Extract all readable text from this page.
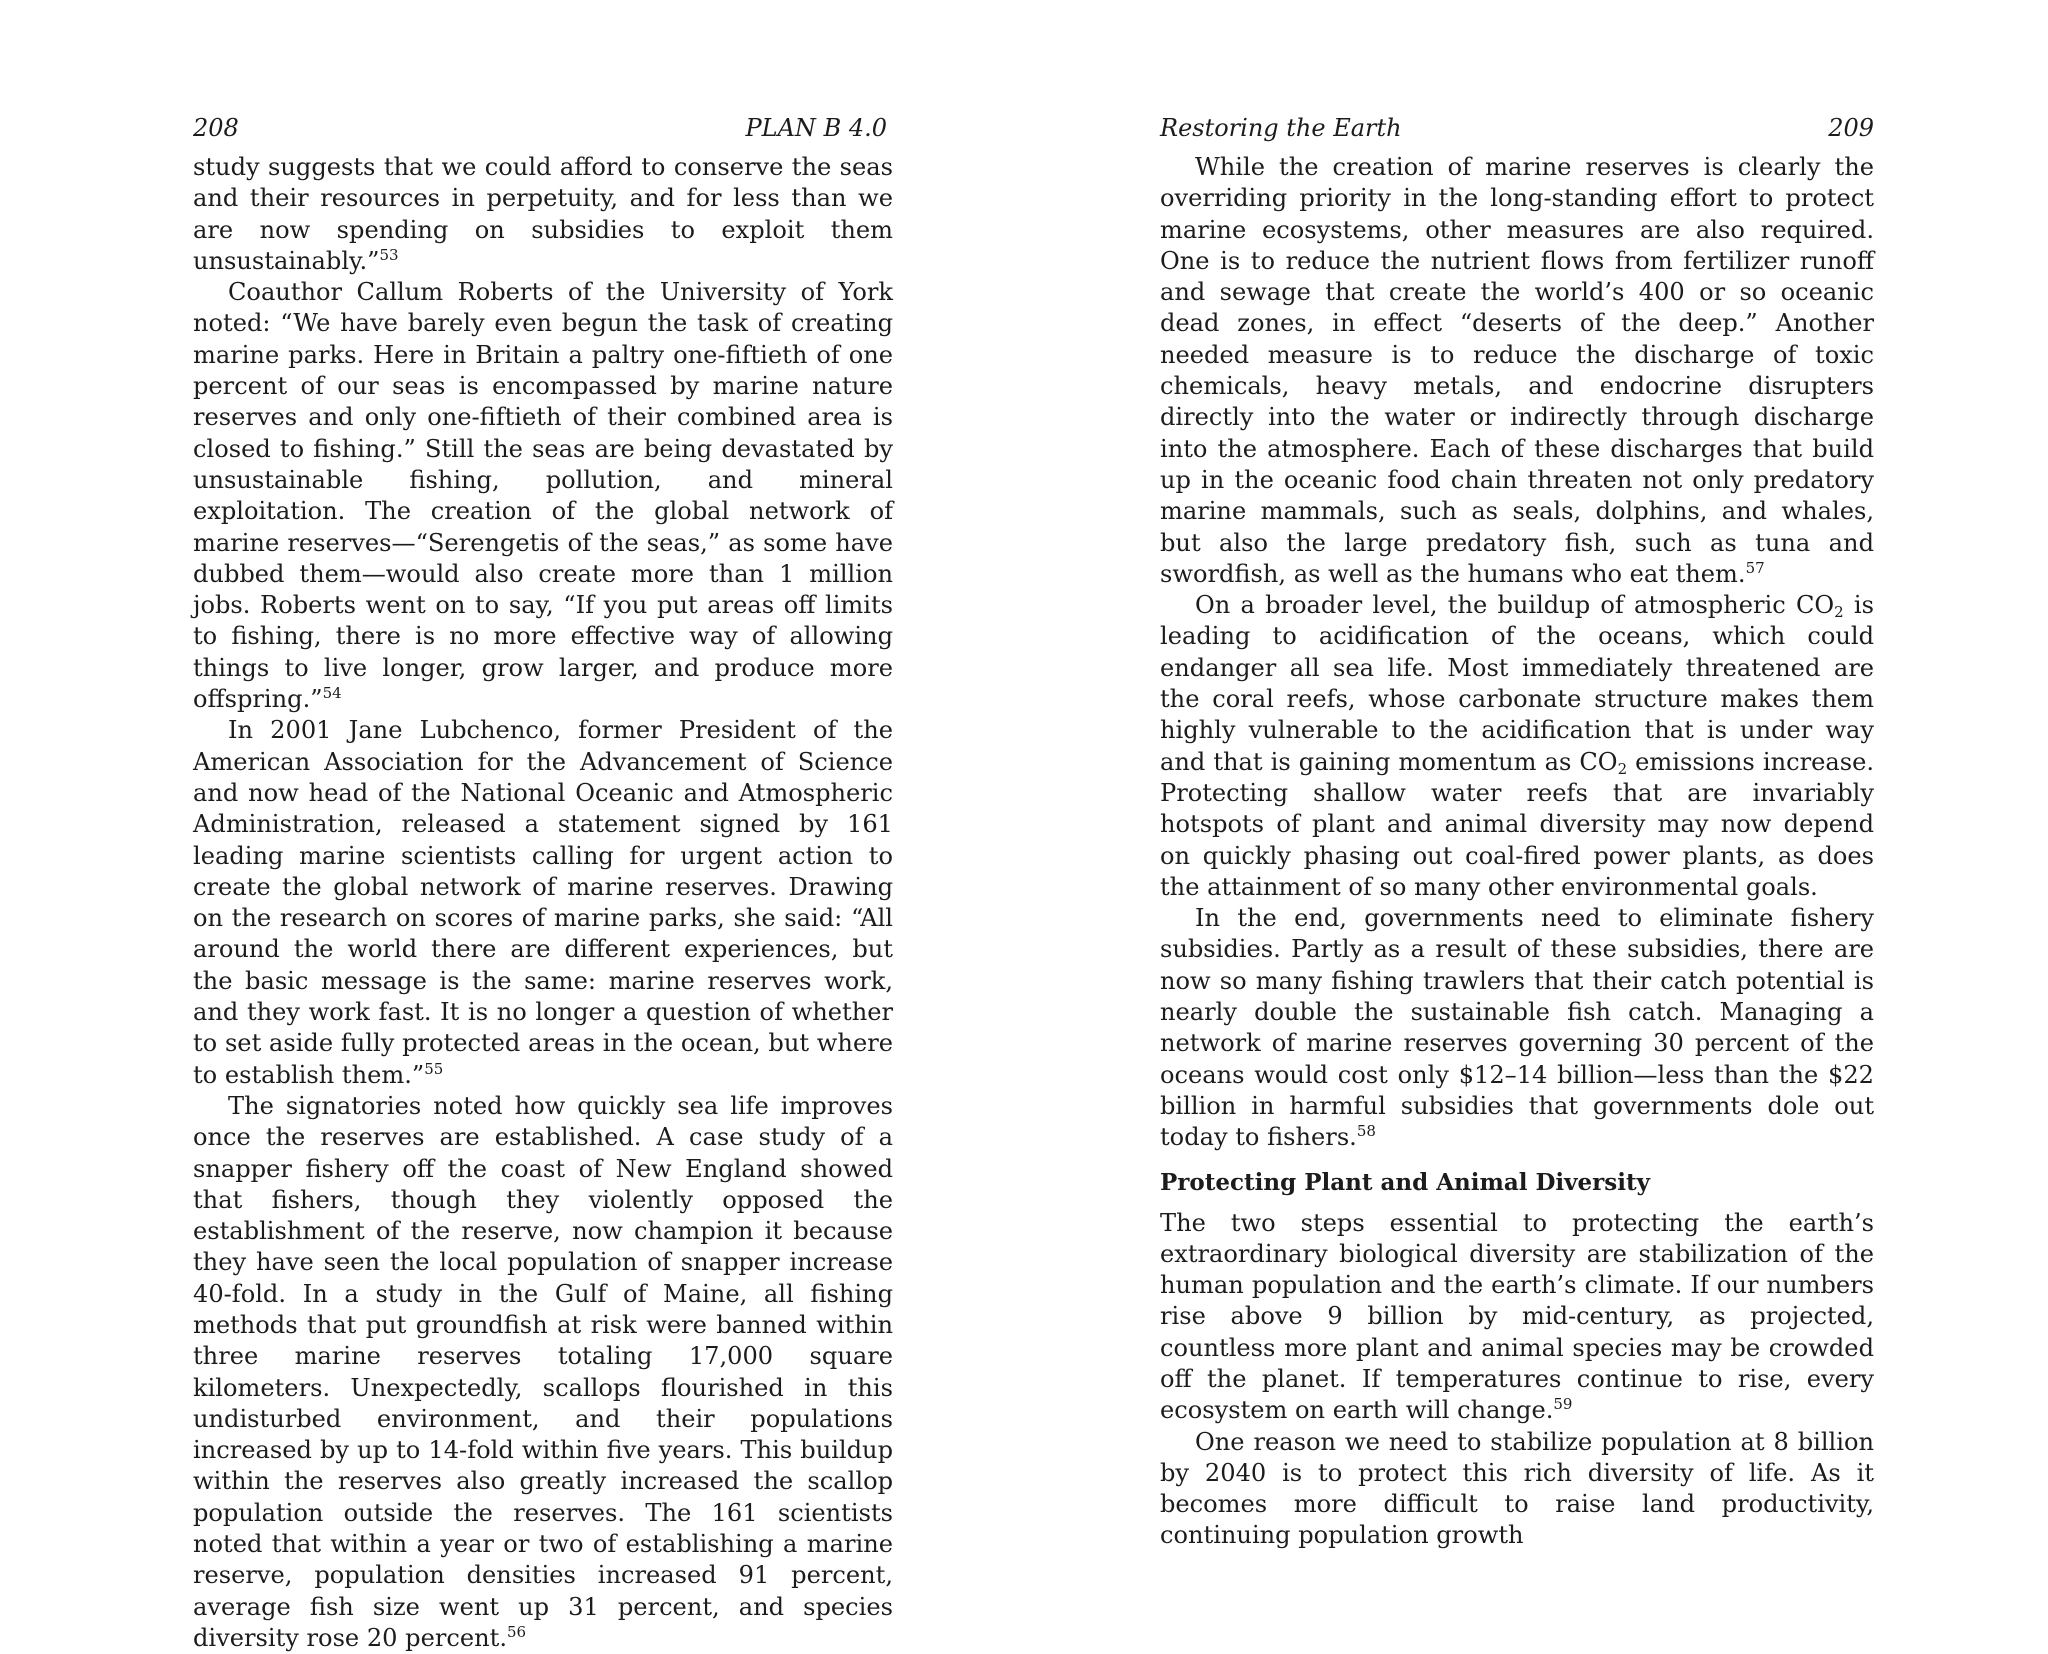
208	PLAN B 4.0

study suggests that we could afford to conserve the seas and their resources in perpetuity, and for less than we are now spending on subsidies to exploit them unsustainably.”$^{53}$

Coauthor Callum Roberts of the University of York noted: “We have barely even begun the task of creating marine parks. Here in Britain a paltry one-fiftieth of one percent of our seas is encompassed by marine nature reserves and only one-fiftieth of their combined area is closed to fishing.” Still the seas are being devastated by unsustainable fishing, pollution, and mineral exploitation. The creation of the global network of marine reserves—“Serengetis of the seas,” as some have dubbed them—would also create more than 1 million jobs. Roberts went on to say, “If you put areas off limits to fishing, there is no more effective way of allowing things to live longer, grow larger, and produce more offspring.”$^{54}$

In 2001 Jane Lubchenco, former President of the American Association for the Advancement of Science and now head of the National Oceanic and Atmospheric Administration, released a statement signed by 161 leading marine scientists calling for urgent action to create the global network of marine reserves. Drawing on the research on scores of marine parks, she said: “All around the world there are different experiences, but the basic message is the same: marine reserves work, and they work fast. It is no longer a question of whether to set aside fully protected areas in the ocean, but where to establish them.”$^{55}$

The signatories noted how quickly sea life improves once the reserves are established. A case study of a snapper fishery off the coast of New England showed that fishers, though they violently opposed the establishment of the reserve, now champion it because they have seen the local population of snapper increase 40-fold. In a study in the Gulf of Maine, all fishing methods that put groundfish at risk were banned within three marine reserves totaling 17,000 square kilometers. Unexpectedly, scallops flourished in this undisturbed environment, and their populations increased by up to 14-fold within five years. This buildup within the reserves also greatly increased the scallop population outside the reserves. The 161 scientists noted that within a year or two of establishing a marine reserve, population densities increased 91 percent, average fish size went up 31 percent, and species diversity rose 20 percent.$^{56}$

Restoring the Earth	209

While the creation of marine reserves is clearly the overriding priority in the long-standing effort to protect marine ecosystems, other measures are also required. One is to reduce the nutrient flows from fertilizer runoff and sewage that create the world’s 400 or so oceanic dead zones, in effect “deserts of the deep.” Another needed measure is to reduce the discharge of toxic chemicals, heavy metals, and endocrine disrupters directly into the water or indirectly through discharge into the atmosphere. Each of these discharges that build up in the oceanic food chain threaten not only predatory marine mammals, such as seals, dolphins, and whales, but also the large predatory fish, such as tuna and swordfish, as well as the humans who eat them.$^{57}$

On a broader level, the buildup of atmospheric $CO_2$ is leading to acidification of the oceans, which could endanger all sea life. Most immediately threatened are the coral reefs, whose carbonate structure makes them highly vulnerable to the acidification that is under way and that is gaining momentum as $CO_2$ emissions increase. Protecting shallow water reefs that are invariably hotspots of plant and animal diversity may now depend on quickly phasing out coal-fired power plants, as does the attainment of so many other environmental goals.

In the end, governments need to eliminate fishery subsidies. Partly as a result of these subsidies, there are now so many fishing trawlers that their catch potential is nearly double the sustainable fish catch. Managing a network of marine reserves governing 30 percent of the oceans would cost only $12–14 billion—less than the $22 billion in harmful subsidies that governments dole out today to fishers.$^{58}$

Protecting Plant and Animal Diversity

The two steps essential to protecting the earth’s extraordinary biological diversity are stabilization of the human population and the earth’s climate. If our numbers rise above 9 billion by mid-century, as projected, countless more plant and animal species may be crowded off the planet. If temperatures continue to rise, every ecosystem on earth will change.$^{59}$

One reason we need to stabilize population at 8 billion by 2040 is to protect this rich diversity of life. As it becomes more difficult to raise land productivity, continuing population growth
